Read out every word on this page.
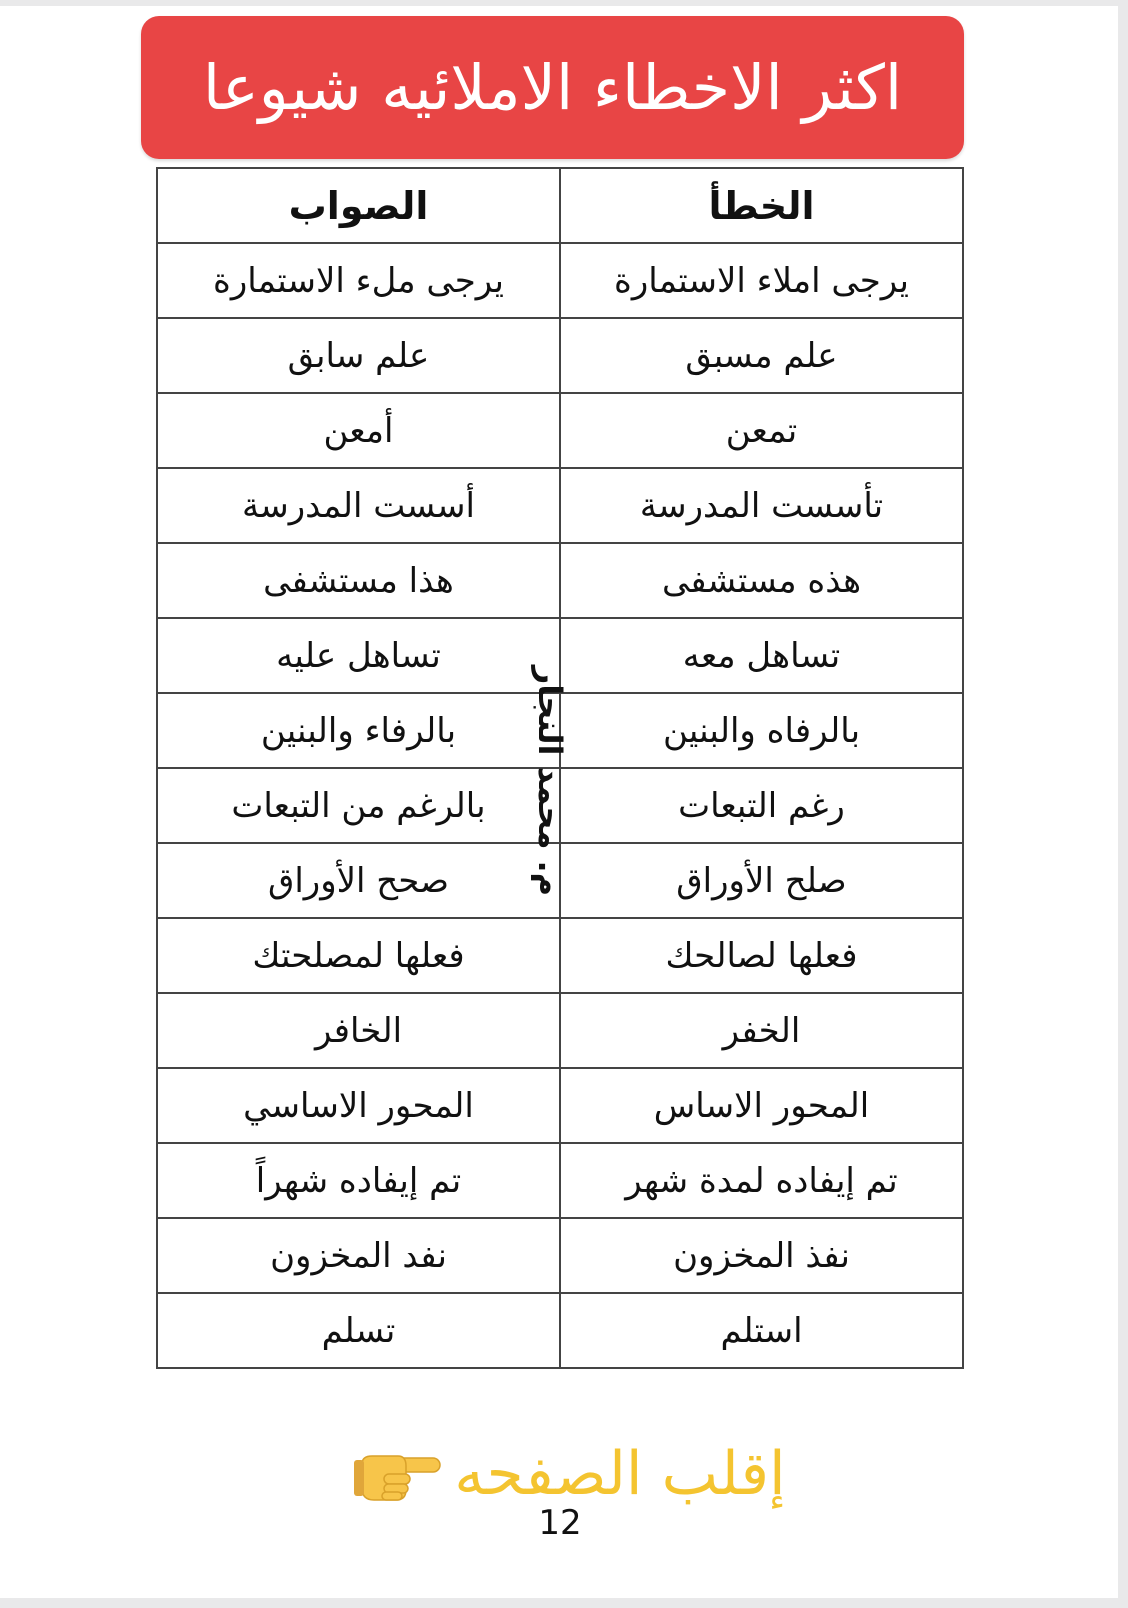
اكثر الاخطاء الاملائيه شيوعا
الخطأ	الصواب
يرجى املاء الاستمارة	يرجى ملء الاستمارة
علم مسبق	علم سابق
تمعن	أمعن
تأسست المدرسة	أسست المدرسة
هذه مستشفى	هذا مستشفى
تساهل معه	تساهل عليه
بالرفاه والبنين	بالرفاء والبنين
رغم التبعات	بالرغم من التبعات
صلح الأوراق	صحح الأوراق
فعلها لصالحك	فعلها لمصلحتك
الخفر	الخافر
المحور الاساس	المحور الاساسي
تم إيفاده لمدة شهر	تم إيفاده شهراً
نفذ المخزون	نفد المخزون
استلم	تسلم
م. محمد النجار
إقلب الصفحه
12
